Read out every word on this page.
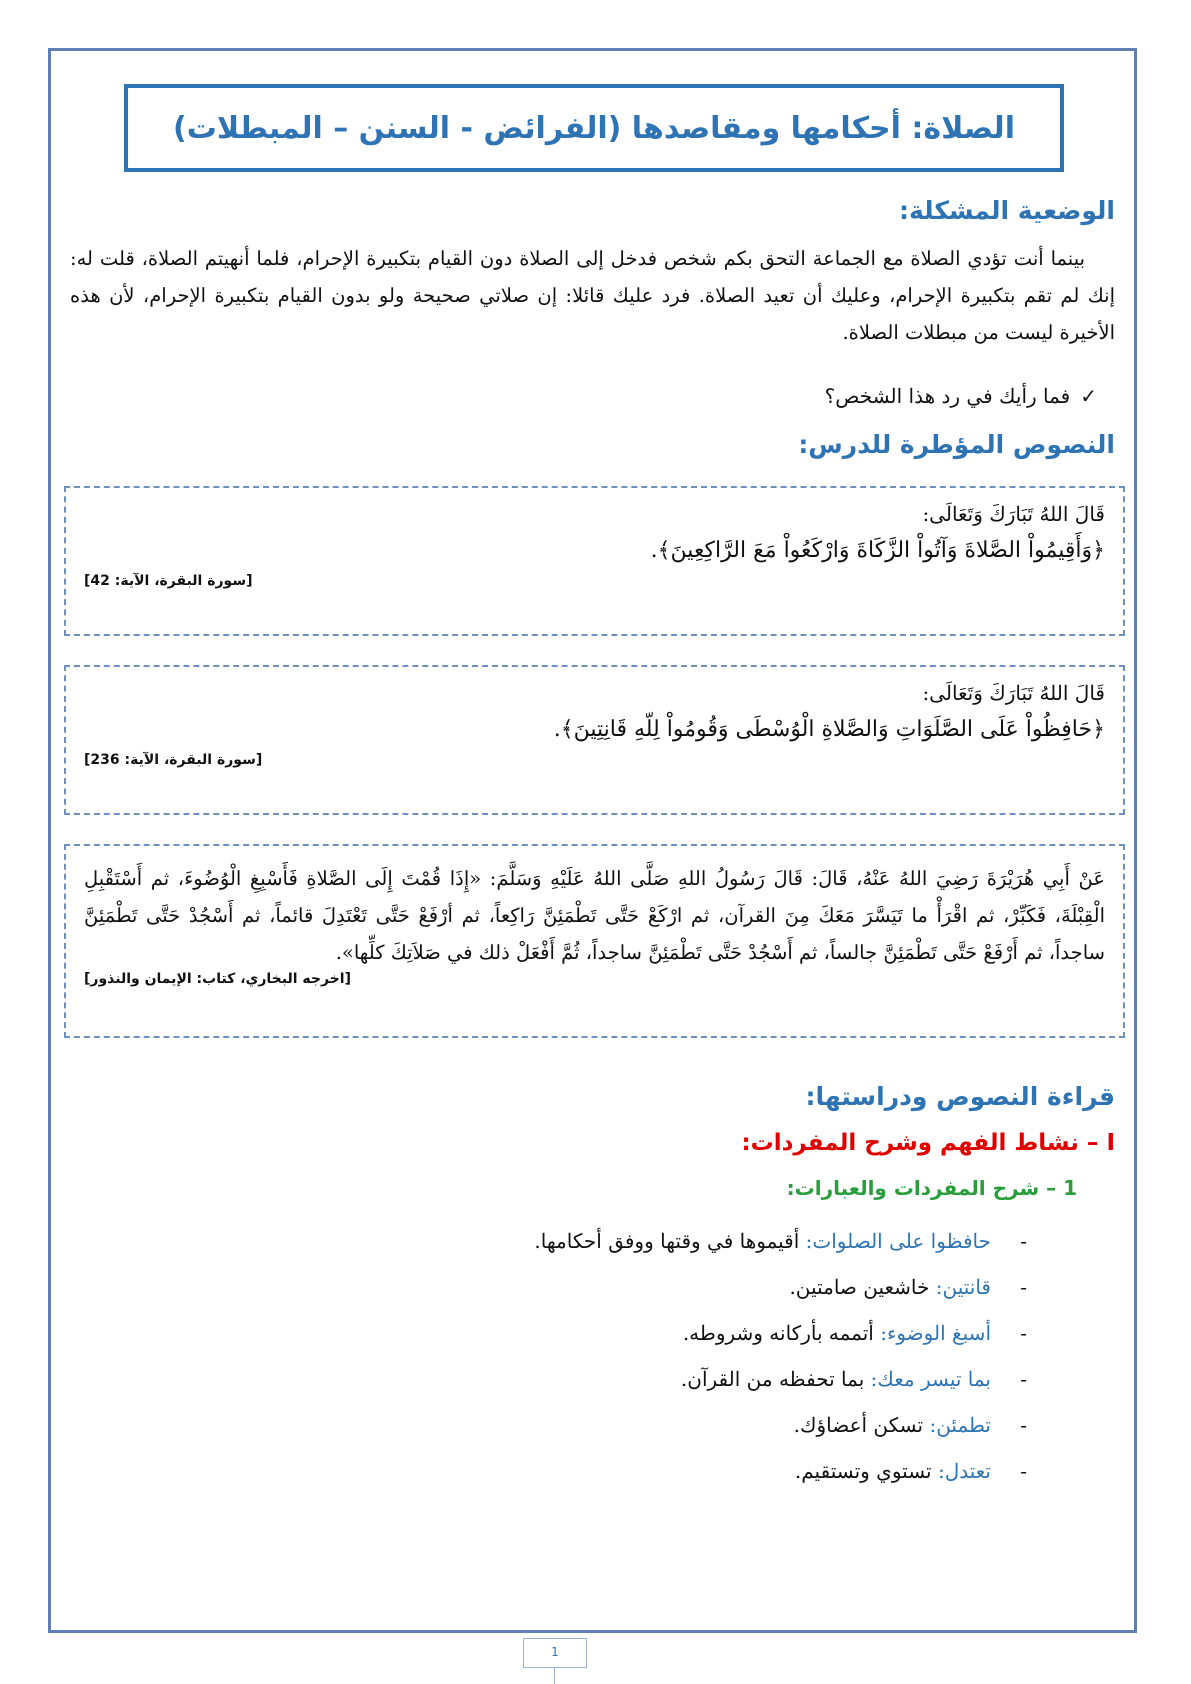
الصلاة: أحكامها ومقاصدها (الفرائض - السنن – المبطلات)
الوضعية المشكلة:

بينما أنت تؤدي الصلاة مع الجماعة التحق بكم شخص فدخل إلى الصلاة دون القيام بتكبيرة الإحرام، فلما أنهيتم الصلاة، قلت له: إنك لم تقم بتكبيرة الإحرام، وعليك أن تعيد الصلاة. فرد عليك قائلا: إن صلاتي صحيحة ولو بدون القيام بتكبيرة الإحرام، لأن هذه الأخيرة ليست من مبطلات الصلاة.

✓فما رأيك في رد هذا الشخص؟

النصوص المؤطرة للدرس:

قَالَ اللهُ تَبَارَكَ وَتَعَالَى:

﴿وَأَقِيمُواْ الصَّلاةَ وَآتُواْ الزَّكَاةَ وَارْكَعُواْ مَعَ الرَّاكِعِينَ﴾.

[سورة البقرة، الآية: 42]

قَالَ اللهُ تَبَارَكَ وَتَعَالَى:

﴿حَافِظُواْ عَلَى الصَّلَوَاتِ وَالصَّلاةِ الْوُسْطَى وَقُومُواْ لِلّهِ قَانِتِينَ﴾.

[سورة البقرة، الآية: 236]

عَنْ أَبِي هُرَيْرَةَ رَضِيَ اللهُ عَنْهُ، قَالَ: قَالَ رَسُولُ اللهِ صَلَّى اللهُ عَلَيْهِ وَسَلَّمَ: «إِذَا قُمْتَ إِلَى الصَّلاةِ فَأَسْبِغِ الْوُضُوءَ، ثم أَسْتَقْبِلِ الْقِبْلَةَ، فَكَبِّرْ، ثم اقْرَأْ ما تَيَسَّرَ مَعَكَ مِنَ القرآن، ثم ارْكَعْ حَتَّى تَطْمَئِنَّ رَاكِعاً، ثم أرْفَعْ حَتَّى تَعْتَدِلَ قائماً، ثم أَسْجُدْ حَتَّى تَطْمَئِنَّ ساجداً، ثم أَرْفَعْ حَتَّى تَطْمَئِنَّ جالساً، ثم أَسْجُدْ حَتَّى تَطْمَئِنَّ ساجداً، ثُمَّ أَفْعَلْ ذلك في صَلاَتِكَ كلِّها».

[اخرجه البخاري، كتاب: الإيمان والنذور]

قراءة النصوص ودراستها:
I – نشاط الفهم وشرح المفردات:
1 – شرح المفردات والعبارات:
-
حافظوا على الصلوات:

أقيموها في وقتها ووفق أحكامها.
-
قانتين:

خاشعين صامتين.
-
أسبغ الوضوء:

أتممه بأركانه وشروطه.
-
بما تيسر معك:

بما تحفظه من القرآن.
-
تطمئن:

تسكن أعضاؤك.
-
تعتدل:

تستوي وتستقيم.
1
